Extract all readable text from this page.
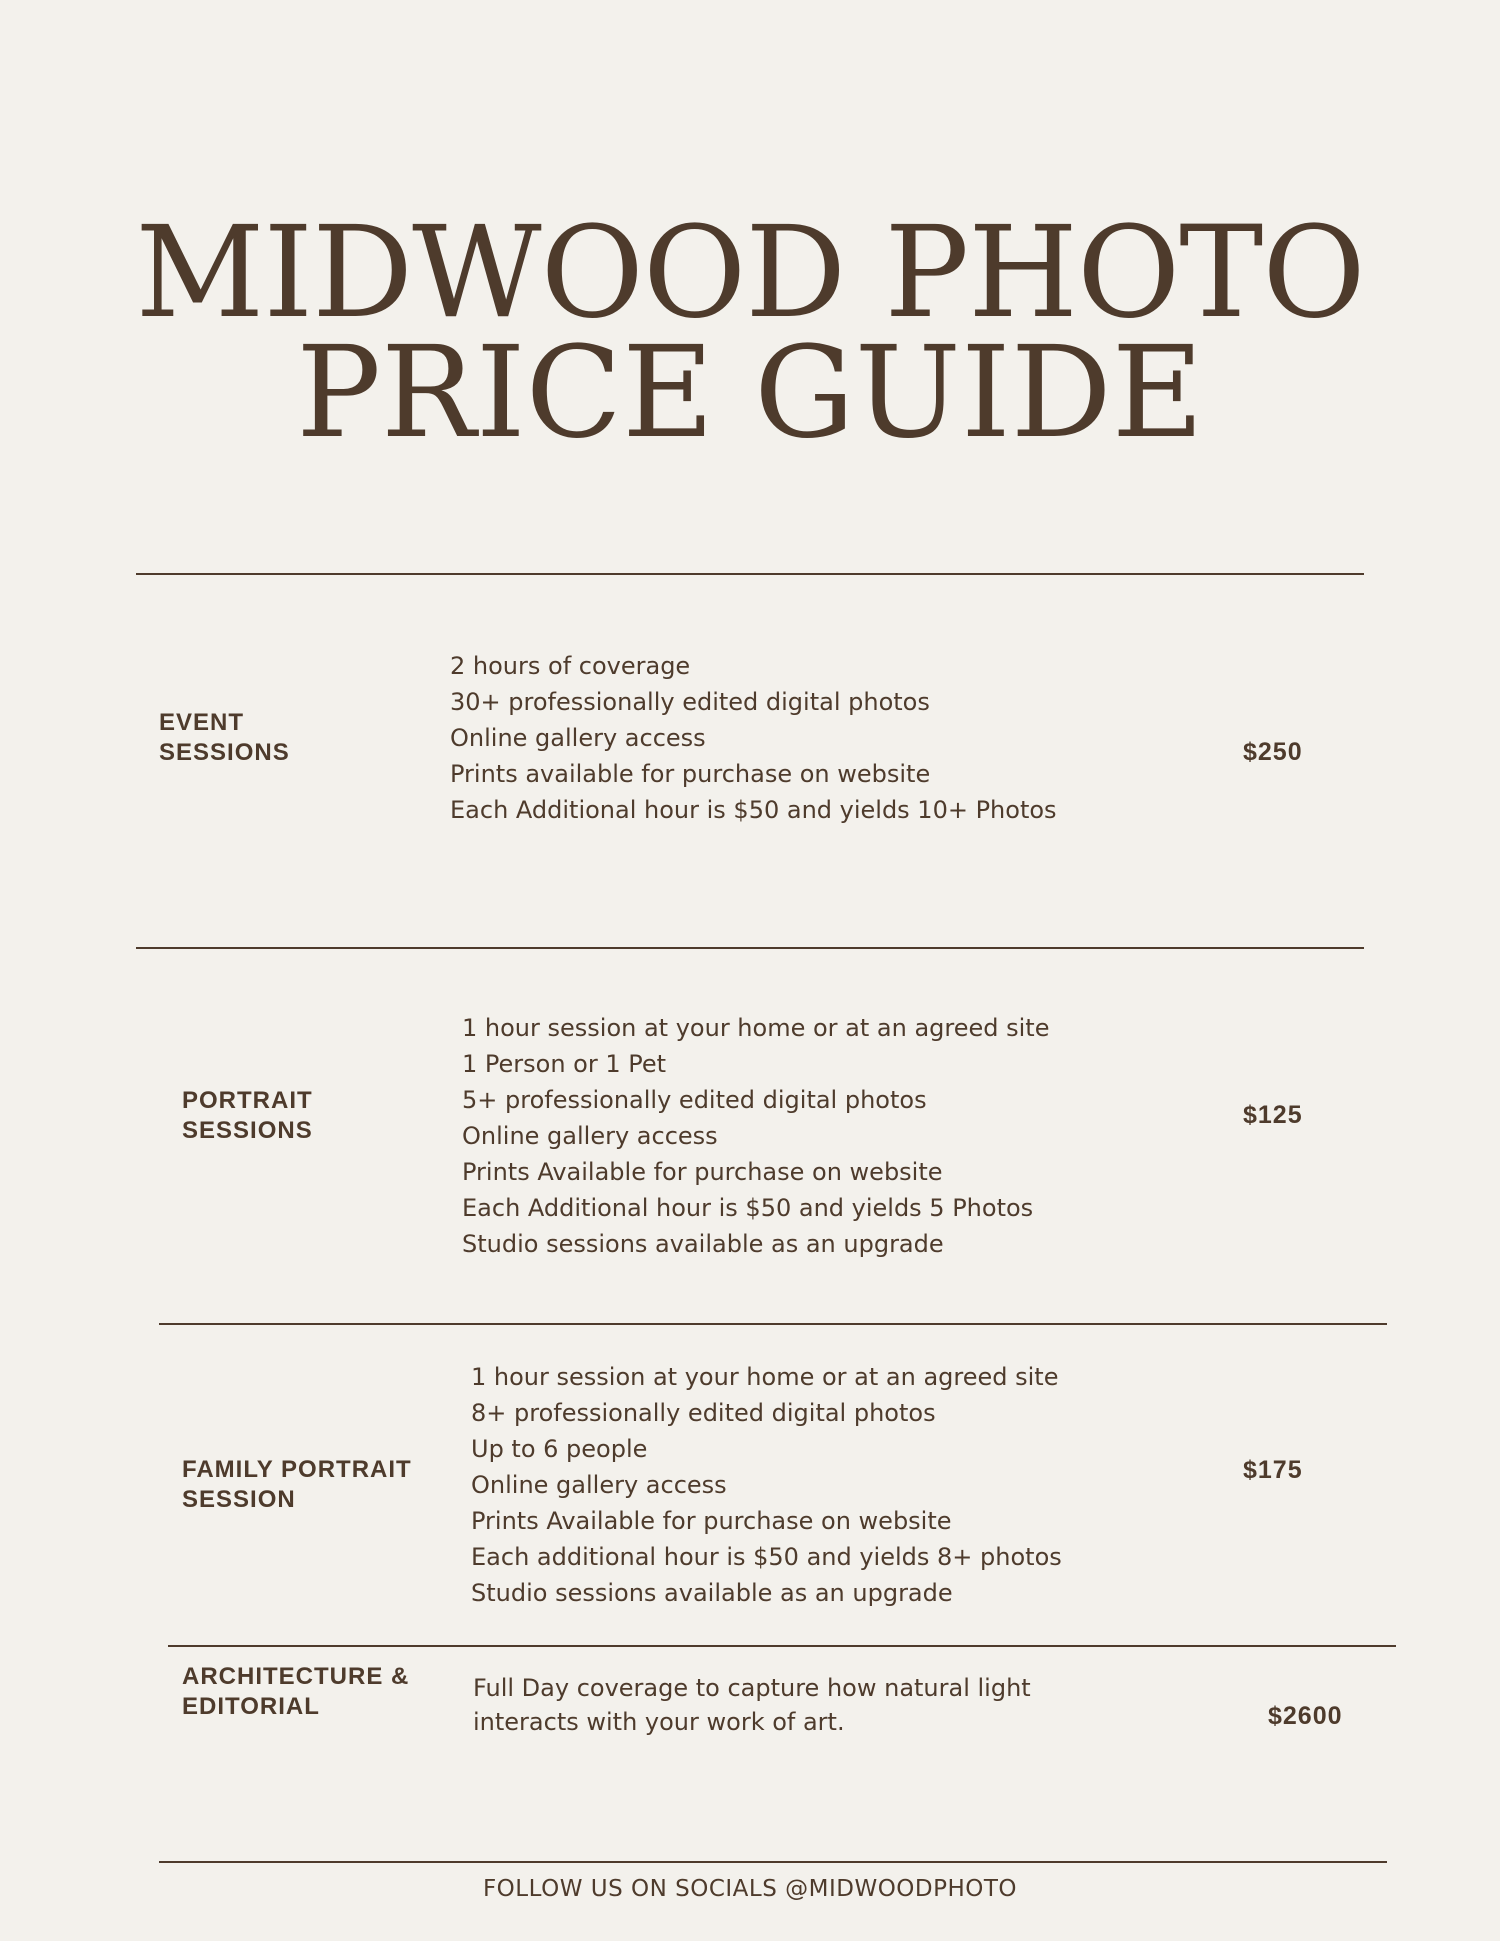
MIDWOOD PHOTO
PRICE GUIDE
EVENT
SESSIONS
2 hours of coverage
30+ professionally edited digital photos
Online gallery access
Prints available for purchase on website
Each Additional hour is $50 and yields 10+ Photos
$250
PORTRAIT
SESSIONS
1 hour session at your home or at an agreed site
1 Person or 1 Pet
5+ professionally edited digital photos
Online gallery access
Prints Available for purchase on website
Each Additional hour is $50 and yields 5 Photos
Studio sessions available as an upgrade
$125
FAMILY PORTRAIT
SESSION
1 hour session at your home or at an agreed site
8+ professionally edited digital photos
Up to 6 people
Online gallery access
Prints Available for purchase on website
Each additional hour is $50 and yields 8+ photos
Studio sessions available as an upgrade
$175
ARCHITECTURE &
EDITORIAL
Full Day coverage to capture how natural light interacts with your work of art.	$2600
FOLLOW US ON SOCIALS @MIDWOODPHOTO
